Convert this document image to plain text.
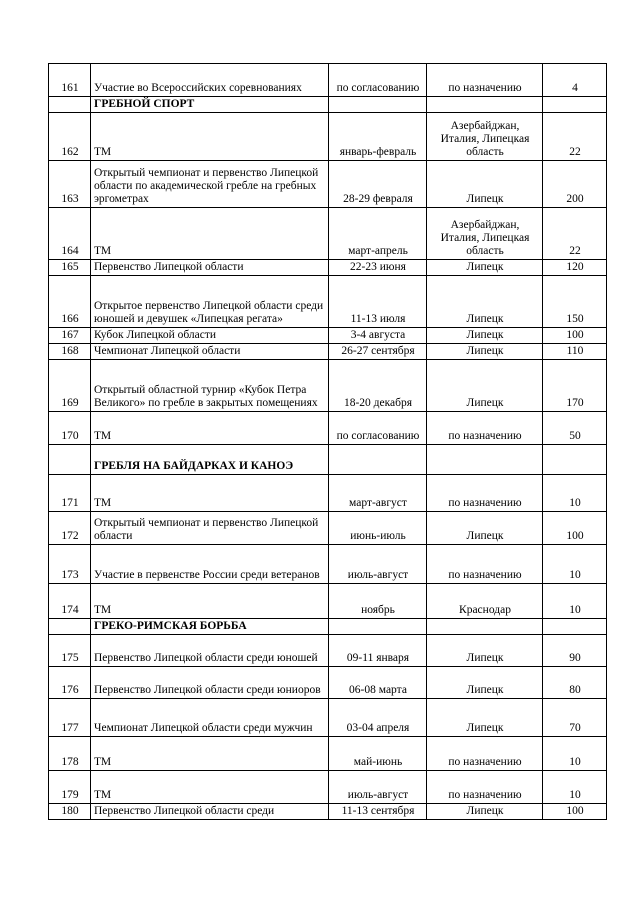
161	Участие во Всероссийских соревнованиях	по согласованию	по назначению	4
	ГРЕБНОЙ СПОРТ			
162	ТМ	январь-февраль	Азербайджан, Италия, Липецкая область	22
163	Открытый чемпионат и первенство Липецкой области по академической гребле на гребных эргометрах	28-29 февраля	Липецк	200
164	ТМ	март-апрель	Азербайджан, Италия, Липецкая область	22
165	Первенство Липецкой области	22-23 июня	Липецк	120
166	Открытое первенство Липецкой области среди юношей и девушек «Липецкая регата»	11-13 июля	Липецк	150
167	Кубок Липецкой области	3-4 августа	Липецк	100
168	Чемпионат Липецкой области	26-27 сентября	Липецк	110
169	Открытый областной турнир «Кубок Петра Великого» по гребле в закрытых помещениях	18-20 декабря	Липецк	170
170	ТМ	по согласованию	по назначению	50
	ГРЕБЛЯ НА БАЙДАРКАХ И КАНОЭ			
171	ТМ	март-август	по назначению	10
172	Открытый чемпионат и первенство Липецкой области	июнь-июль	Липецк	100
173	Участие в первенстве России среди ветеранов	июль-август	по назначению	10
174	ТМ	ноябрь	Краснодар	10
	ГРЕКО-РИМСКАЯ БОРЬБА			
175	Первенство Липецкой области среди юношей	09-11 января	Липецк	90
176	Первенство Липецкой области среди юниоров	06-08 марта	Липецк	80
177	Чемпионат Липецкой области среди мужчин	03-04 апреля	Липецк	70
178	ТМ	май-июнь	по назначению	10
179	ТМ	июль-август	по назначению	10
180	Первенство Липецкой области среди	11-13 сентября	Липецк	100
